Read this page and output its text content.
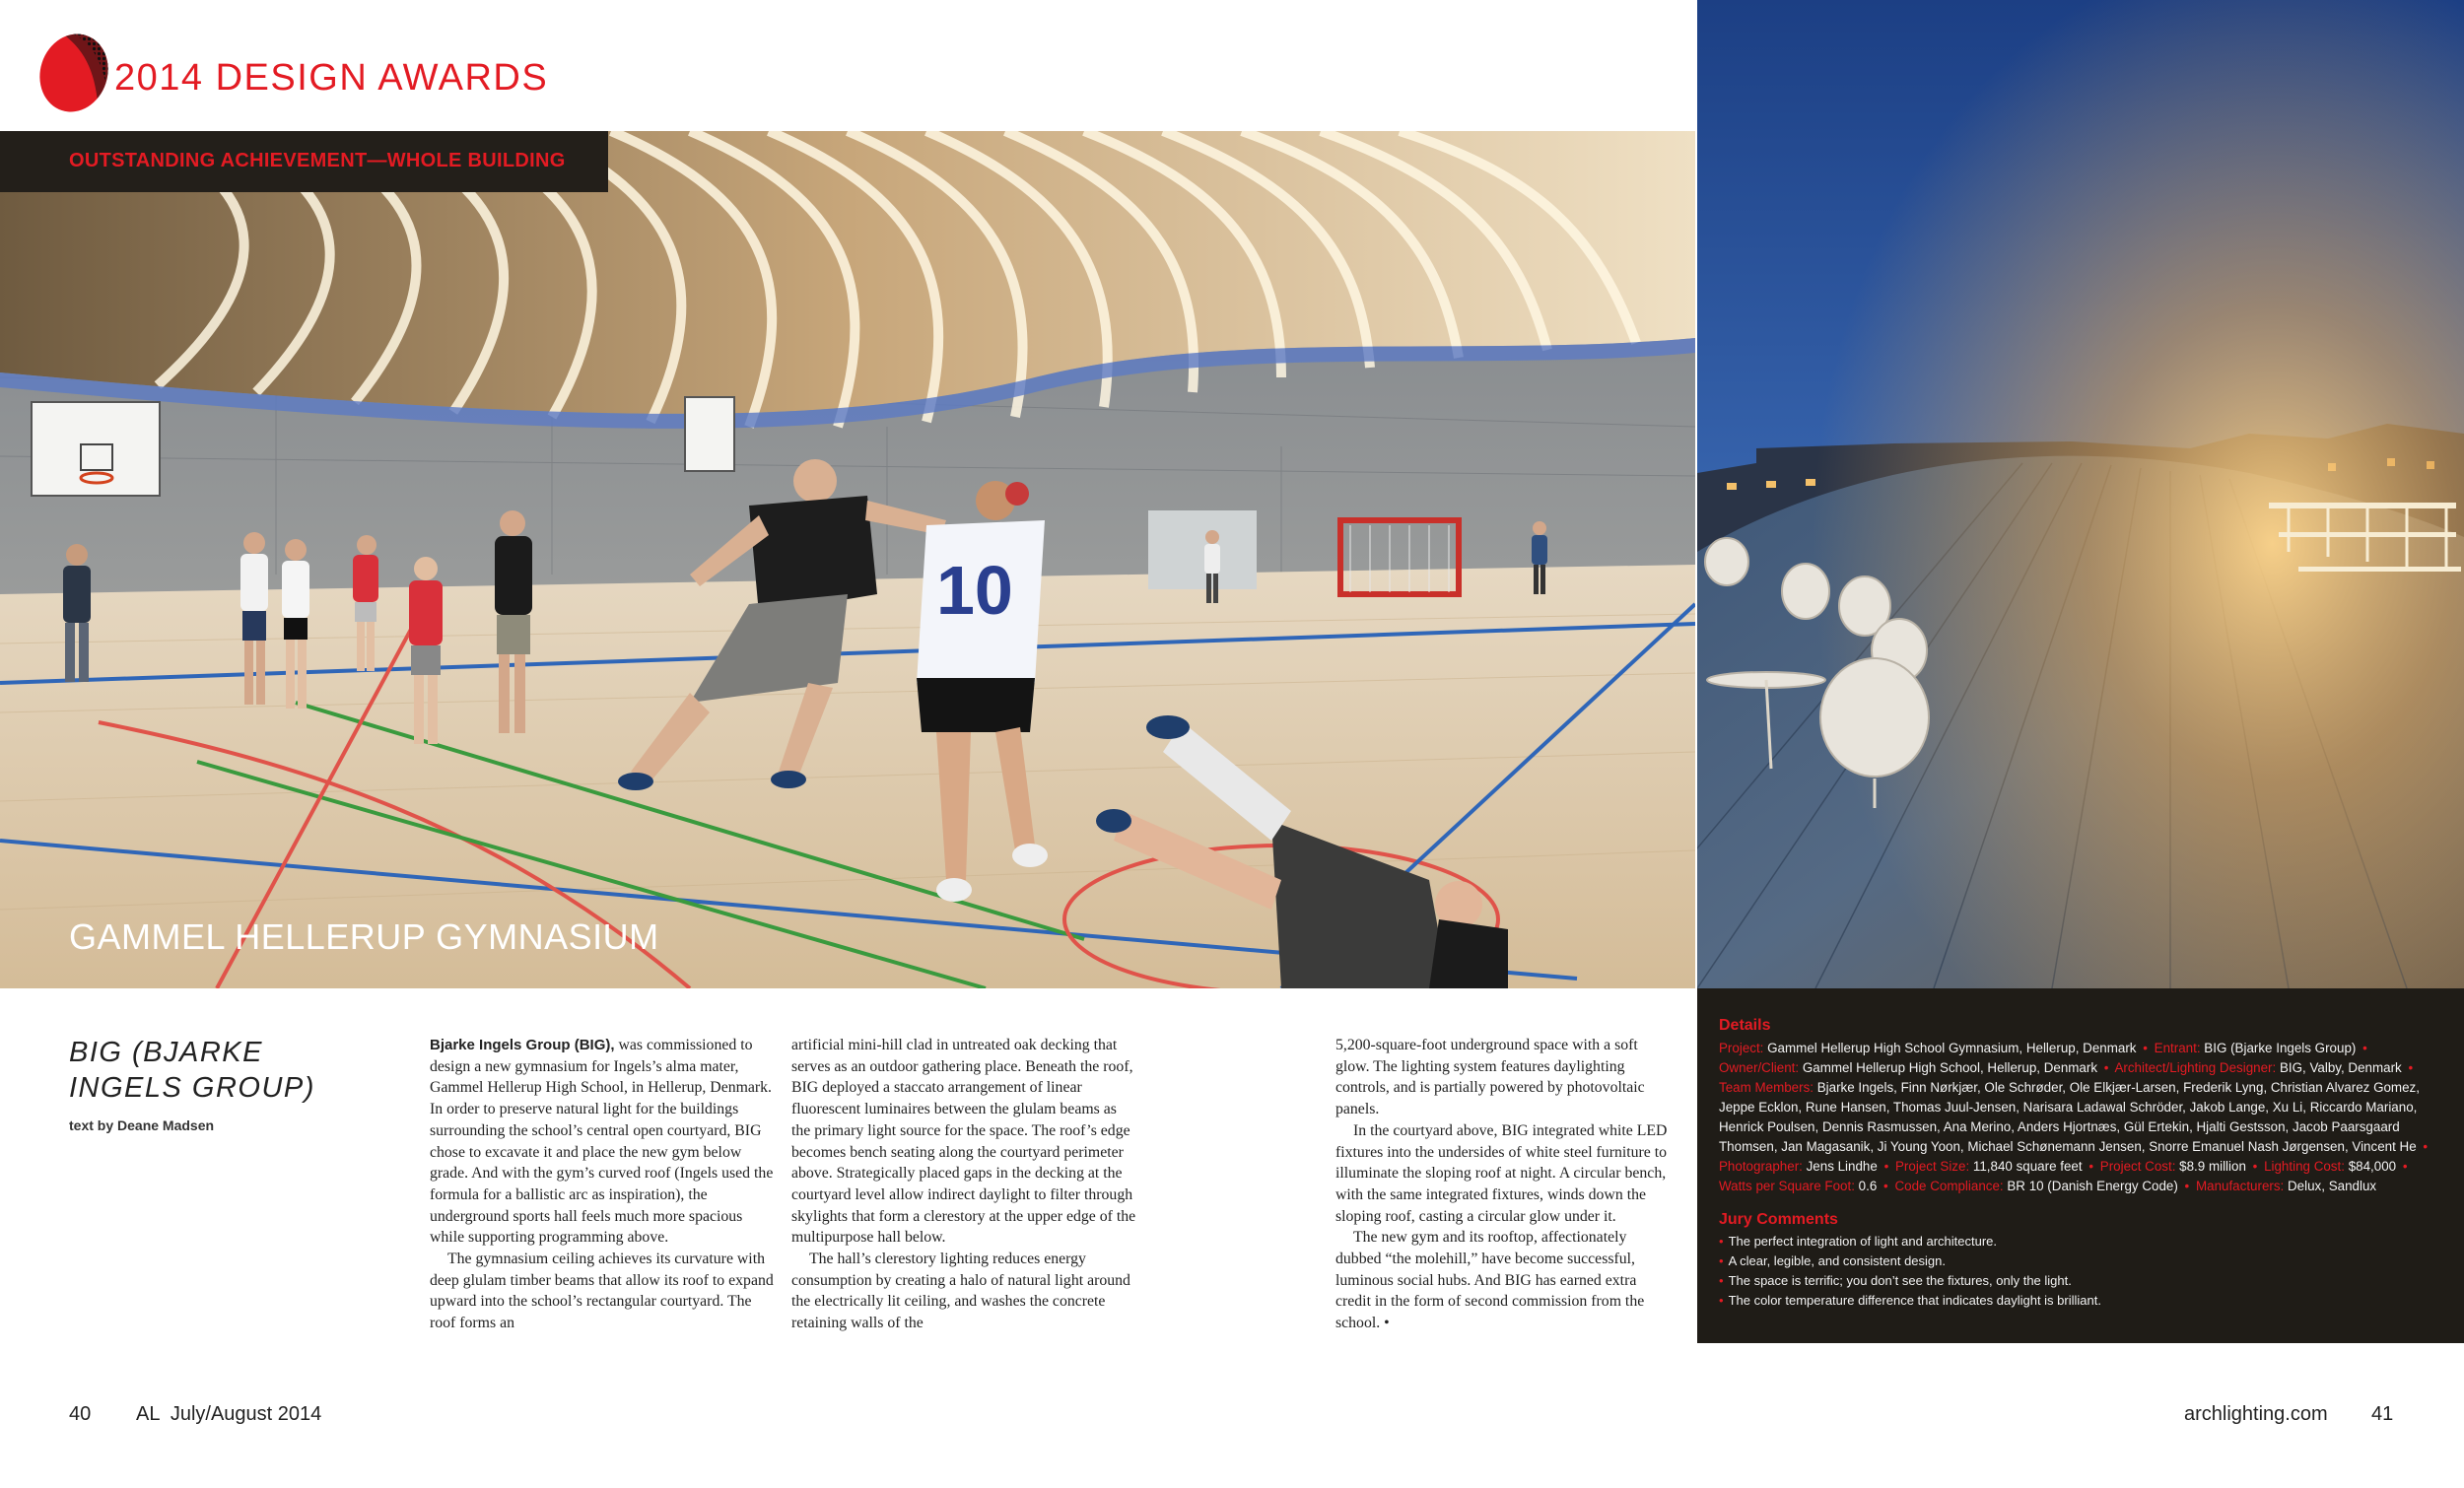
2014 DESIGN AWARDS
10
OUTSTANDING ACHIEVEMENT—WHOLE BUILDING
GAMMEL HELLERUP GYMNASIUM
Details
Project: Gammel Hellerup High School Gymnasium, Hellerup, Denmark • Entrant: BIG (Bjarke Ingels Group) • Owner/Client: Gammel Hellerup High School, Hellerup, Denmark • Architect/Lighting Designer: BIG, Valby, Denmark • Team Members: Bjarke Ingels, Finn Nørkjær, Ole Schrøder, Ole Elkjær-Larsen, Frederik Lyng, Christian Alvarez Gomez, Jeppe Ecklon, Rune Hansen, Thomas Juul-Jensen, Narisara Ladawal Schröder, Jakob Lange, Xu Li, Riccardo Mariano, Henrick Poulsen, Dennis Rasmussen, Ana Merino, Anders Hjortnæs, Gül Ertekin, Hjalti Gestsson, Jacob Paarsgaard Thomsen, Jan Magasanik, Ji Young Yoon, Michael Schønemann Jensen, Snorre Emanuel Nash Jørgensen, Vincent He • Photographer: Jens Lindhe • Project Size: 11,840 square feet • Project Cost: $8.9 million • Lighting Cost: $84,000 • Watts per Square Foot: 0.6 • Code Compliance: BR 10 (Danish Energy Code) • Manufacturers: Delux, Sandlux
Jury Comments
• The perfect integration of light and architecture.
• A clear, legible, and consistent design.
• The space is terrific; you don’t see the fixtures, only the light.
• The color temperature difference that indicates daylight is brilliant.
BIG (BJARKE INGELS GROUP)
text by Deane Madsen

Bjarke Ingels Group (BIG), was commissioned to design a new gymnasium for Ingels’s alma mater, Gammel Hellerup High School, in Hellerup, Denmark. In order to preserve natural light for the buildings surrounding the school’s central open courtyard, BIG chose to excavate it and place the new gym below grade. And with the gym’s curved roof (Ingels used the formula for a ballistic arc as inspiration), the underground sports hall feels much more spacious while supporting programming above.

The gymnasium ceiling achieves its curvature with deep glulam timber beams that allow its roof to expand upward into the school’s rectangular courtyard. The roof forms an

artificial mini-hill clad in untreated oak decking that serves as an outdoor gathering place. Beneath the roof, BIG deployed a staccato arrangement of linear fluorescent luminaires between the glulam beams as the primary light source for the space. The roof’s edge becomes bench seating along the courtyard perimeter above. Strategically placed gaps in the decking at the courtyard level allow indirect daylight to filter through skylights that form a clerestory at the upper edge of the multipurpose hall below.

The hall’s clerestory lighting reduces energy consumption by creating a halo of natural light around the electrically lit ceiling, and washes the concrete retaining walls of the

5,200-square-foot underground space with a soft glow. The lighting system features daylighting controls, and is partially powered by photovoltaic panels.

In the courtyard above, BIG integrated white LED fixtures into the undersides of white steel furniture to illuminate the sloping roof at night. A circular bench, with the same integrated fixtures, winds down the sloping roof, casting a circular glow under it.

The new gym and its rooftop, affectionately dubbed “the molehill,” have become successful, luminous social hubs. And BIG has earned extra credit in the form of second commission from the school. •

40 AL  July/August 2014	archlighting.com 41
